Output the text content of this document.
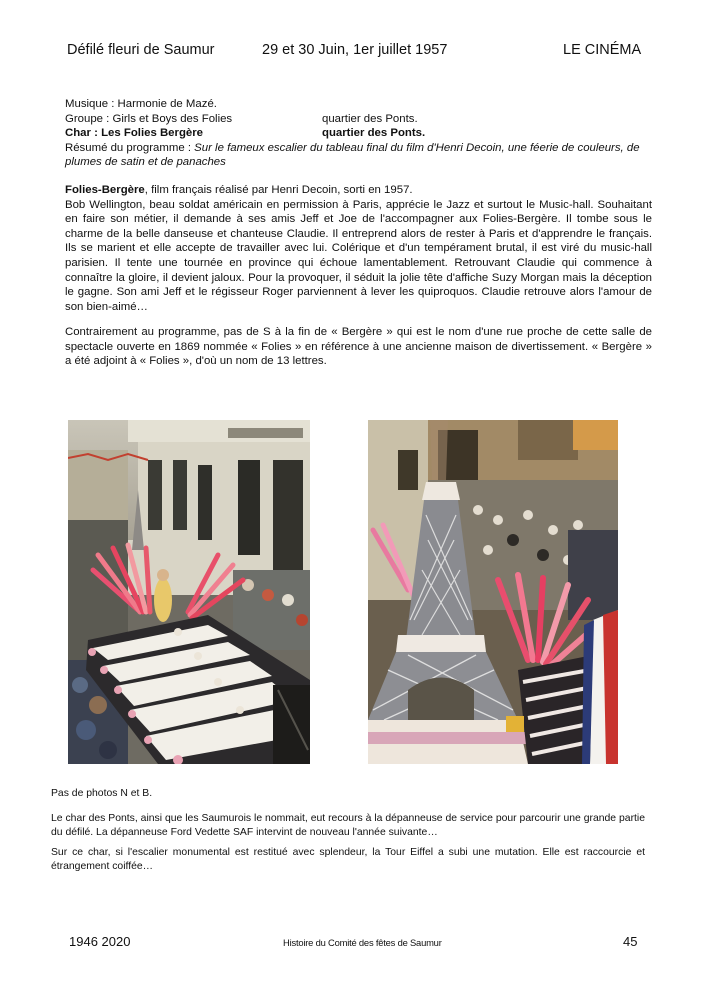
Défilé fleuri de Saumur	29 et 30 Juin, 1er juillet 1957	LE CINÉMA
Musique : Harmonie de Mazé.
Groupe : Girls et Boys des Folies	quartier des Ponts.
Char : Les Folies Bergère	quartier des Ponts.
Résumé du programme : Sur le fameux escalier du tableau final du film d'Henri Decoin, une féerie de couleurs, de plumes de satin et de panaches
Folies-Bergère, film français réalisé par Henri Decoin, sorti en 1957.
Bob Wellington, beau soldat américain en permission à Paris, apprécie le Jazz et surtout le Music-hall. Souhaitant en faire son métier, il demande à ses amis Jeff et Joe de l'accompagner aux Folies-Bergère. Il tombe sous le charme de la belle danseuse et chanteuse Claudie. Il entreprend alors de rester à Paris et d'apprendre le français. Ils se marient et elle accepte de travailler avec lui. Colérique et d'un tempérament brutal, il est viré du music-hall parisien. Il tente une tournée en province qui échoue lamentablement. Retrouvant Claudie qui commence à connaître la gloire, il devient jaloux. Pour la provoquer, il séduit la jolie tête d'affiche Suzy Morgan mais la déception le gagne. Son ami Jeff et le régisseur Roger parviennent à lever les quiproquos. Claudie retrouve alors l'amour de son bien-aimé…
Contrairement au programme, pas de S à la fin de « Bergère » qui est le nom d'une rue proche de cette salle de spectacle ouverte en 1869 nommée « Folies » en référence à une ancienne maison de divertissement. « Bergère » a été adjoint à « Folies », d'où un nom de 13 lettres.
Pas de photos N et B.
Le char des Ponts, ainsi que les Saumurois le nommait, eut recours à la dépanneuse de service pour parcourir une grande partie du défilé. La dépanneuse Ford Vedette SAF intervint de nouveau l'année suivante…
Sur ce char, si l'escalier monumental est restitué avec splendeur, la Tour Eiffel a subi une mutation. Elle est raccourcie et étrangement coiffée…
1946 2020	Histoire du Comité des fêtes de Saumur	45
